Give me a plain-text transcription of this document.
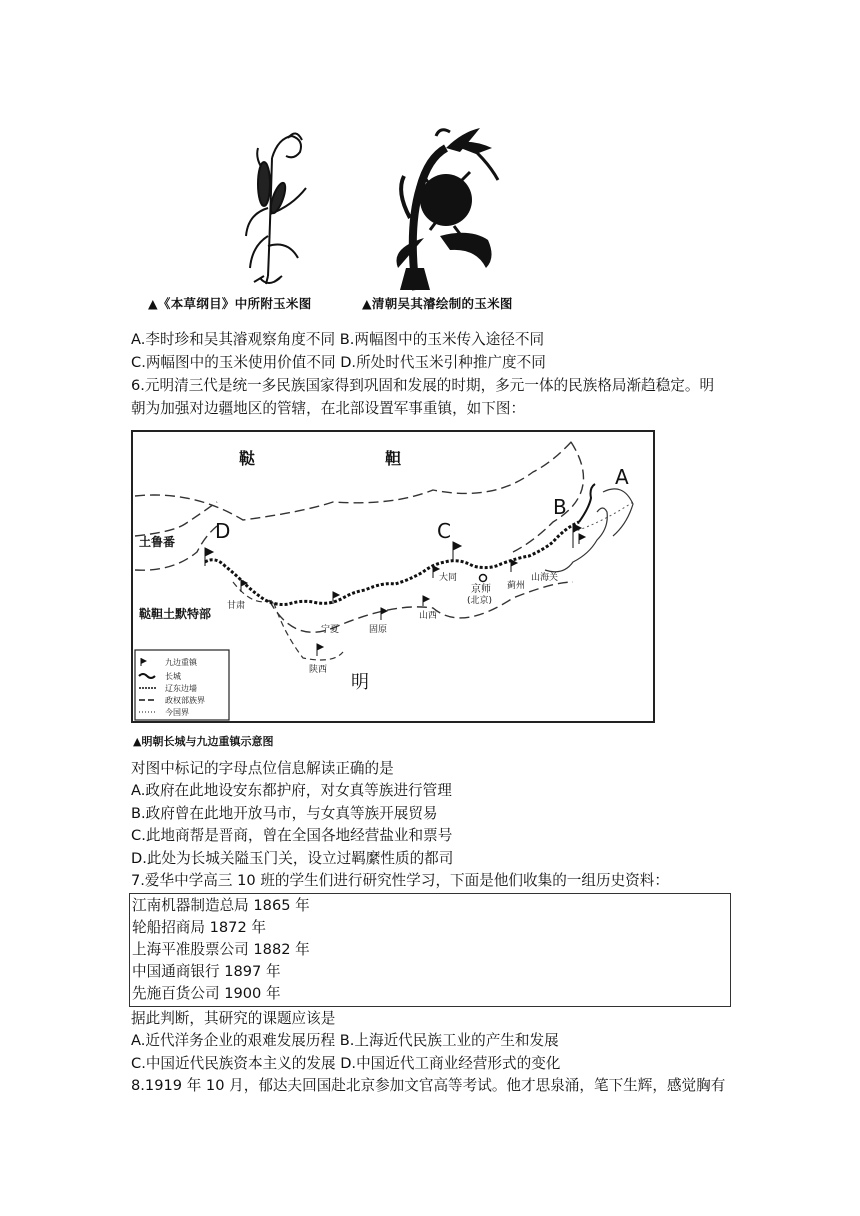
▲《本草纲目》中所附玉米图	▲清朝吴其濬绘制的玉米图
A.李时珍和吴其濬观察角度不同 B.两幅图中的玉米传入途径不同
C.两幅图中的玉米使用价值不同 D.所处时代玉米引种推广度不同
6.元明清三代是统一多民族国家得到巩固和发展的时期，多元一体的民族格局渐趋稳定。明
朝为加强对边疆地区的管辖，在北部设置军事重镇，如下图：
鞑	靼
土鲁番
鞑靼土默特部
明
A
B
C
D
大同
京师
(北京)
蓟州
山海关
山西
甘肃
宁夏	固原
陕西
九边重镇
长城
辽东边墙
政权部族界
今国界
▲明朝长城与九边重镇示意图
对图中标记的字母点位信息解读正确的是
A.政府在此地设安东都护府，对女真等族进行管理
B.政府曾在此地开放马市，与女真等族开展贸易
C.此地商帮是晋商，曾在全国各地经营盐业和票号
D.此处为长城关隘玉门关，设立过羁縻性质的都司
7.爱华中学高三 10 班的学生们进行研究性学习，下面是他们收集的一组历史资料：
江南机器制造总局 1865 年
轮船招商局 1872 年
上海平准股票公司 1882 年
中国通商银行 1897 年
先施百货公司 1900 年
据此判断，其研究的课题应该是
A.近代洋务企业的艰难发展历程 B.上海近代民族工业的产生和发展
C.中国近代民族资本主义的发展 D.中国近代工商业经营形式的变化
8.1919 年 10 月，郁达夫回国赴北京参加文官高等考试。他才思泉涌，笔下生辉，感觉胸有
